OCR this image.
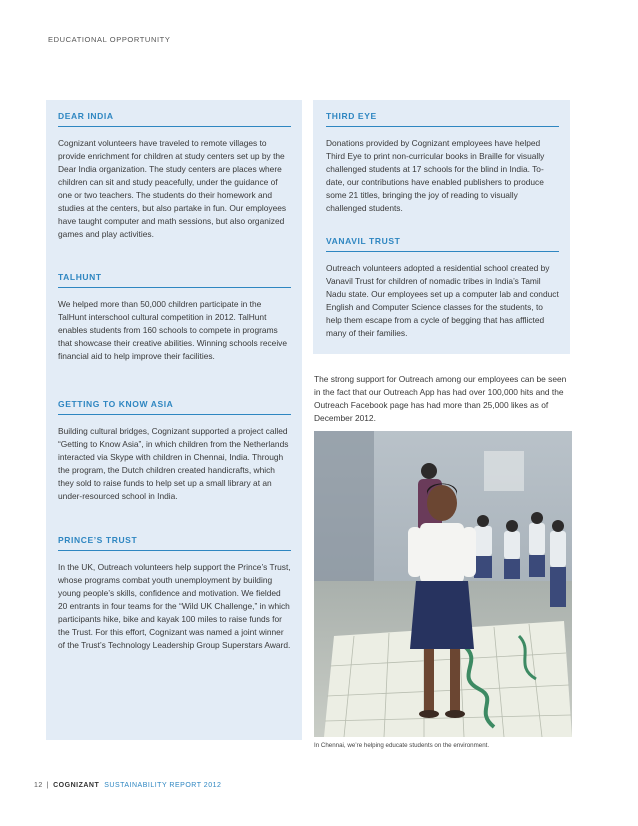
EDUCATIONAL OPPORTUNITY
DEAR INDIA

Cognizant volunteers have traveled to remote villages to provide enrichment for children at study centers set up by the Dear India organization. The study centers are places where children can sit and study peacefully, under the guidance of one or two teachers. The students do their homework and studies at the centers, but also partake in fun. Our employees have taught computer and math sessions, but also organized games and play activities.

TALHUNT

We helped more than 50,000 children participate in the TalHunt interschool cultural competition in 2012. TalHunt enables students from 160 schools to compete in programs that showcase their creative abilities. Winning schools receive financial aid to help improve their facilities.

GETTING TO KNOW ASIA

Building cultural bridges, Cognizant supported a project called “Getting to Know Asia”, in which children from the Netherlands interacted via Skype with children in Chennai, India. Through the program, the Dutch children created handicrafts, which they sold to raise funds to help set up a small library at an under-resourced school in India.

PRINCE’S TRUST

In the UK, Outreach volunteers help support the Prince’s Trust, whose programs combat youth unemployment by building young people’s skills, confidence and motivation. We fielded 20 entrants in four teams for the “Wild UK Challenge,” in which participants hike, bike and kayak 100 miles to raise funds for the Trust. For this effort, Cognizant was named a joint winner of the Trust’s Technology Leadership Group Superstars Award.

THIRD EYE

Donations provided by Cognizant employees have helped Third Eye to print non-curricular books in Braille for visually challenged students at 17 schools for the blind in India. To-date, our contributions have enabled publishers to produce some 21 titles, bringing the joy of reading to visually challenged students.

VANAVIL TRUST

Outreach volunteers adopted a residential school created by Vanavil Trust for children of nomadic tribes in India’s Tamil Nadu state. Our employees set up a computer lab and conduct English and Computer Science classes for the students, to help them escape from a cycle of begging that has afflicted many of their families.

The strong support for Outreach among our employees can be seen in the fact that our Outreach App has had over 100,000 hits and the Outreach Facebook page has had more than 25,000 likes as of December 2012.

In Chennai, we’re helping educate students on the environment.

12 | COGNIZANT SUSTAINABILITY REPORT 2012
